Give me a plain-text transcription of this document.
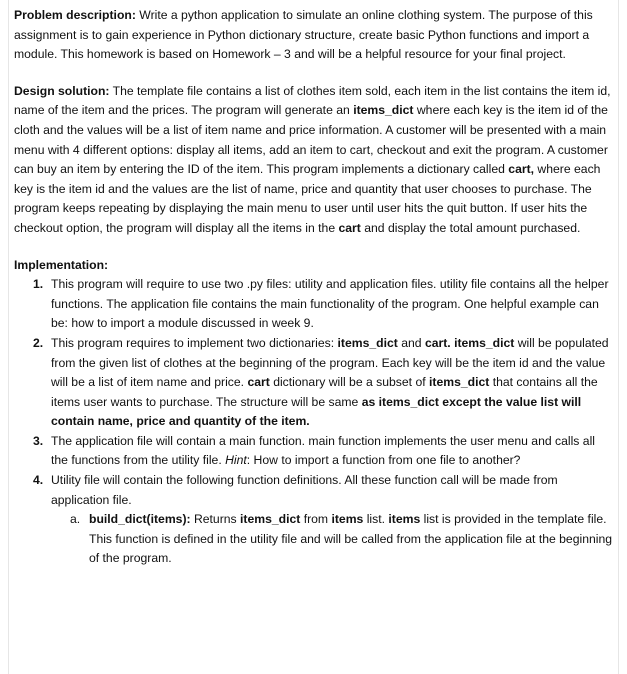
Problem description: Write a python application to simulate an online clothing system. The purpose of this assignment is to gain experience in Python dictionary structure, create basic Python functions and import a module. This homework is based on Homework – 3 and will be a helpful resource for your final project.

Design solution: The template file contains a list of clothes item sold, each item in the list contains the item id, name of the item and the prices. The program will generate an items_dict where each key is the item id of the cloth and the values will be a list of item name and price information. A customer will be presented with a main menu with 4 different options: display all items, add an item to cart, checkout and exit the program. A customer can buy an item by entering the ID of the item. This program implements a dictionary called cart, where each key is the item id and the values are the list of name, price and quantity that user chooses to purchase. The program keeps repeating by displaying the main menu to user until user hits the quit button. If user hits the checkout option, the program will display all the items in the cart and display the total amount purchased.

Implementation:

1. This program will require to use two .py files: utility and application files. utility file contains all the helper functions. The application file contains the main functionality of the program. One helpful example can be: how to import a module discussed in week 9.
2. This program requires to implement two dictionaries: items_dict and cart. items_dict will be populated from the given list of clothes at the beginning of the program. Each key will be the item id and the value will be a list of item name and price. cart dictionary will be a subset of items_dict that contains all the items user wants to purchase. The structure will be same as items_dict except the value list will contain name, price and quantity of the item.
3. The application file will contain a main function. main function implements the user menu and calls all the functions from the utility file. Hint: How to import a function from one file to another?
4. Utility file will contain the following function definitions. All these function call will be made from application file.
a. build_dict(items): Returns items_dict from items list. items list is provided in the template file. This function is defined in the utility file and will be called from the application file at the beginning of the program.
